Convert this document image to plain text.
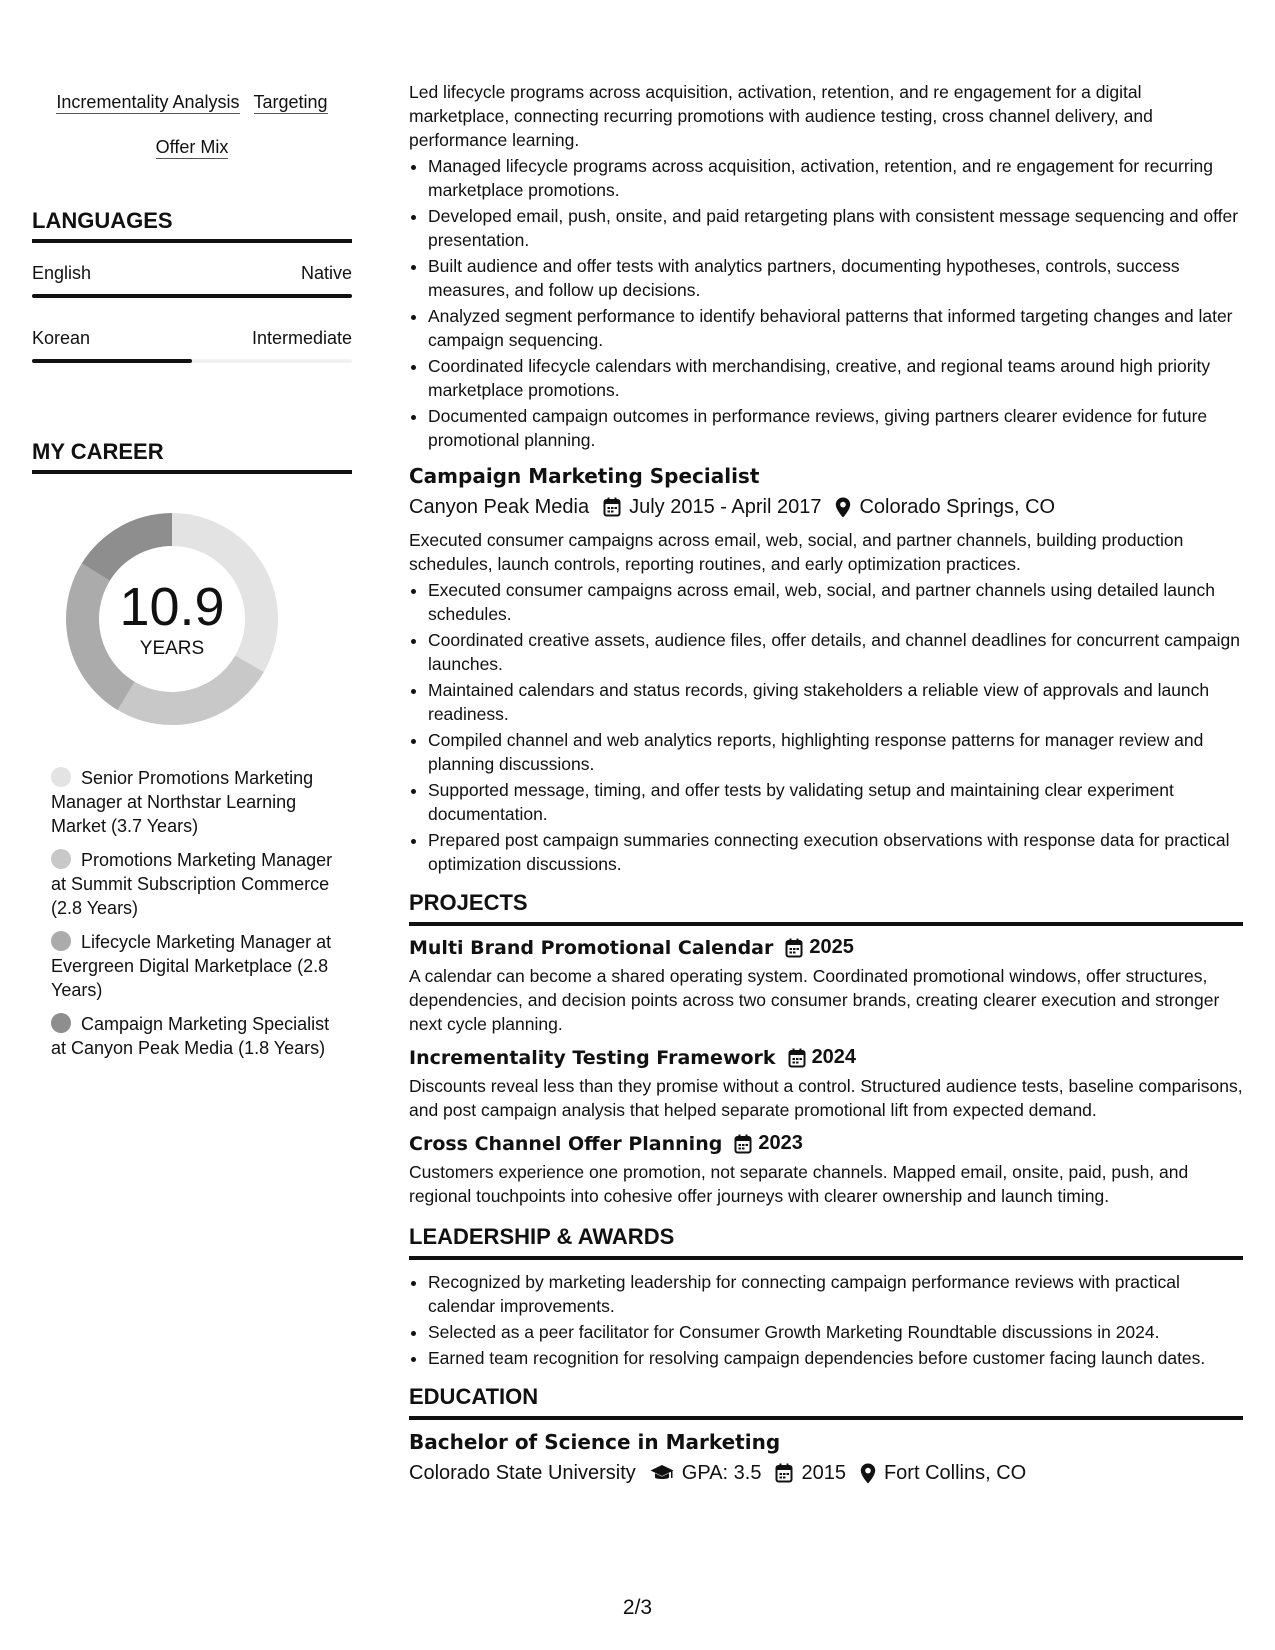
Incrementality Analysis Targeting
Offer Mix
LANGUAGES
English	Native
Korean	Intermediate
MY CAREER
10.9
YEARS
Senior Promotions Marketing Manager at Northstar Learning Market (3.7 Years)
Promotions Marketing Manager at Summit Subscription Commerce (2.8 Years)
Lifecycle Marketing Manager at Evergreen Digital Marketplace (2.8 Years)
Campaign Marketing Specialist at Canyon Peak Media (1.8 Years)

Led lifecycle programs across acquisition, activation, retention, and re engagement for a digital marketplace, connecting recurring promotions with audience testing, cross channel delivery, and performance learning.

• Managed lifecycle programs across acquisition, activation, retention, and re engagement for recurring marketplace promotions.
• Developed email, push, onsite, and paid retargeting plans with consistent message sequencing and offer presentation.
• Built audience and offer tests with analytics partners, documenting hypotheses, controls, success measures, and follow up decisions.
• Analyzed segment performance to identify behavioral patterns that informed targeting changes and later campaign sequencing.
• Coordinated lifecycle calendars with merchandising, creative, and regional teams around high priority marketplace promotions.
• Documented campaign outcomes in performance reviews, giving partners clearer evidence for future promotional planning.
Campaign Marketing Specialist
Canyon Peak Media July 2015 - April 2017 Colorado Springs, CO

Executed consumer campaigns across email, web, social, and partner channels, building production schedules, launch controls, reporting routines, and early optimization practices.

• Executed consumer campaigns across email, web, social, and partner channels using detailed launch schedules.
• Coordinated creative assets, audience files, offer details, and channel deadlines for concurrent campaign launches.
• Maintained calendars and status records, giving stakeholders a reliable view of approvals and launch readiness.
• Compiled channel and web analytics reports, highlighting response patterns for manager review and planning discussions.
• Supported message, timing, and offer tests by validating setup and maintaining clear experiment documentation.
• Prepared post campaign summaries connecting execution observations with response data for practical optimization discussions.
PROJECTS
Multi Brand Promotional Calendar 2025

A calendar can become a shared operating system. Coordinated promotional windows, offer structures, dependencies, and decision points across two consumer brands, creating clearer execution and stronger next cycle planning.

Incrementality Testing Framework 2024

Discounts reveal less than they promise without a control. Structured audience tests, baseline comparisons, and post campaign analysis that helped separate promotional lift from expected demand.

Cross Channel Offer Planning 2023

Customers experience one promotion, not separate channels. Mapped email, onsite, paid, push, and regional touchpoints into cohesive offer journeys with clearer ownership and launch timing.

LEADERSHIP & AWARDS
• Recognized by marketing leadership for connecting campaign performance reviews with practical calendar improvements.
• Selected as a peer facilitator for Consumer Growth Marketing Roundtable discussions in 2024.
• Earned team recognition for resolving campaign dependencies before customer facing launch dates.
EDUCATION
Bachelor of Science in Marketing
Colorado State University GPA: 3.5 2015 Fort Collins, CO
2/3
